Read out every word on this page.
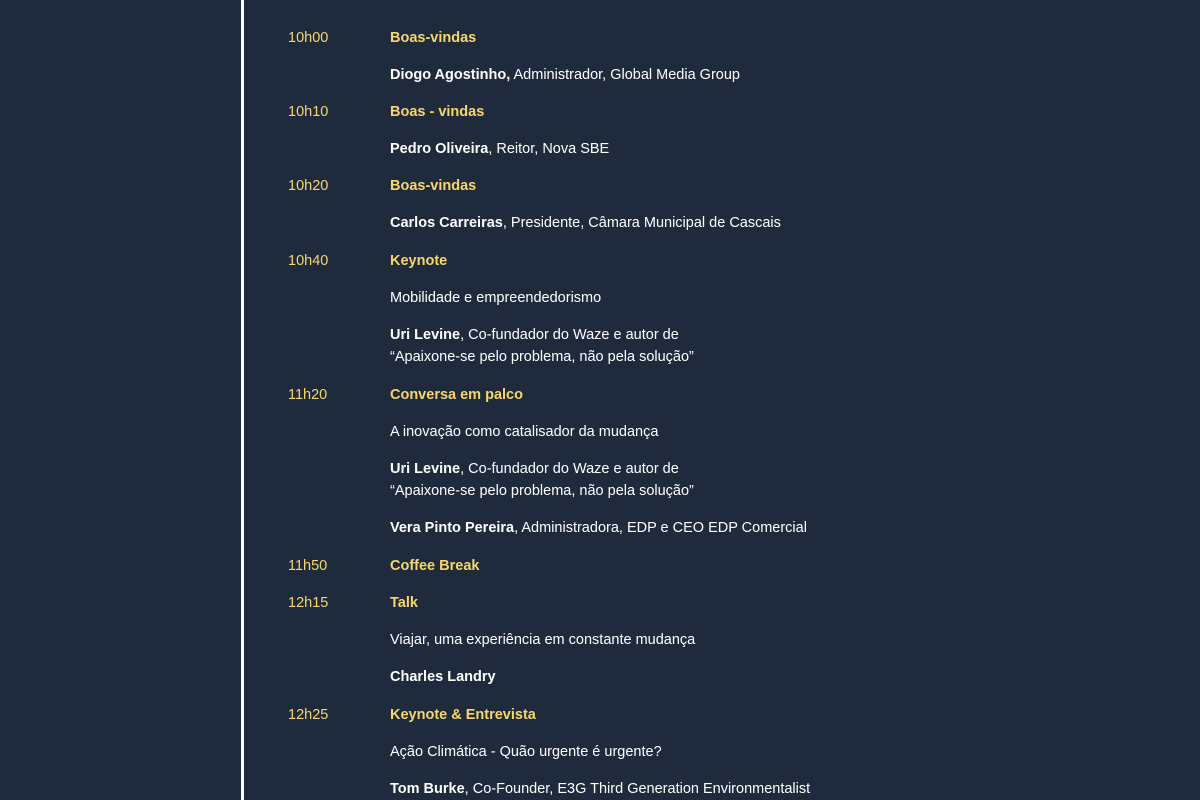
10h00	Boas-vindas
Diogo Agostinho, Administrador, Global Media Group
10h10	Boas - vindas
Pedro Oliveira, Reitor, Nova SBE
10h20	Boas-vindas
Carlos Carreiras, Presidente, Câmara Municipal de Cascais
10h40	Keynote
Mobilidade e empreendedorismo
Uri Levine, Co-fundador do Waze e autor de
“Apaixone-se pelo problema, não pela solução”
11h20	Conversa em palco
A inovação como catalisador da mudança
Uri Levine, Co-fundador do Waze e autor de
“Apaixone-se pelo problema, não pela solução”
Vera Pinto Pereira, Administradora, EDP e CEO EDP Comercial
11h50	Coffee Break
12h15	Talk
Viajar, uma experiência em constante mudança
Charles Landry
12h25	Keynote & Entrevista
Ação Climática - Quão urgente é urgente?
Tom Burke, Co-Founder, E3G Third Generation Environmentalist
